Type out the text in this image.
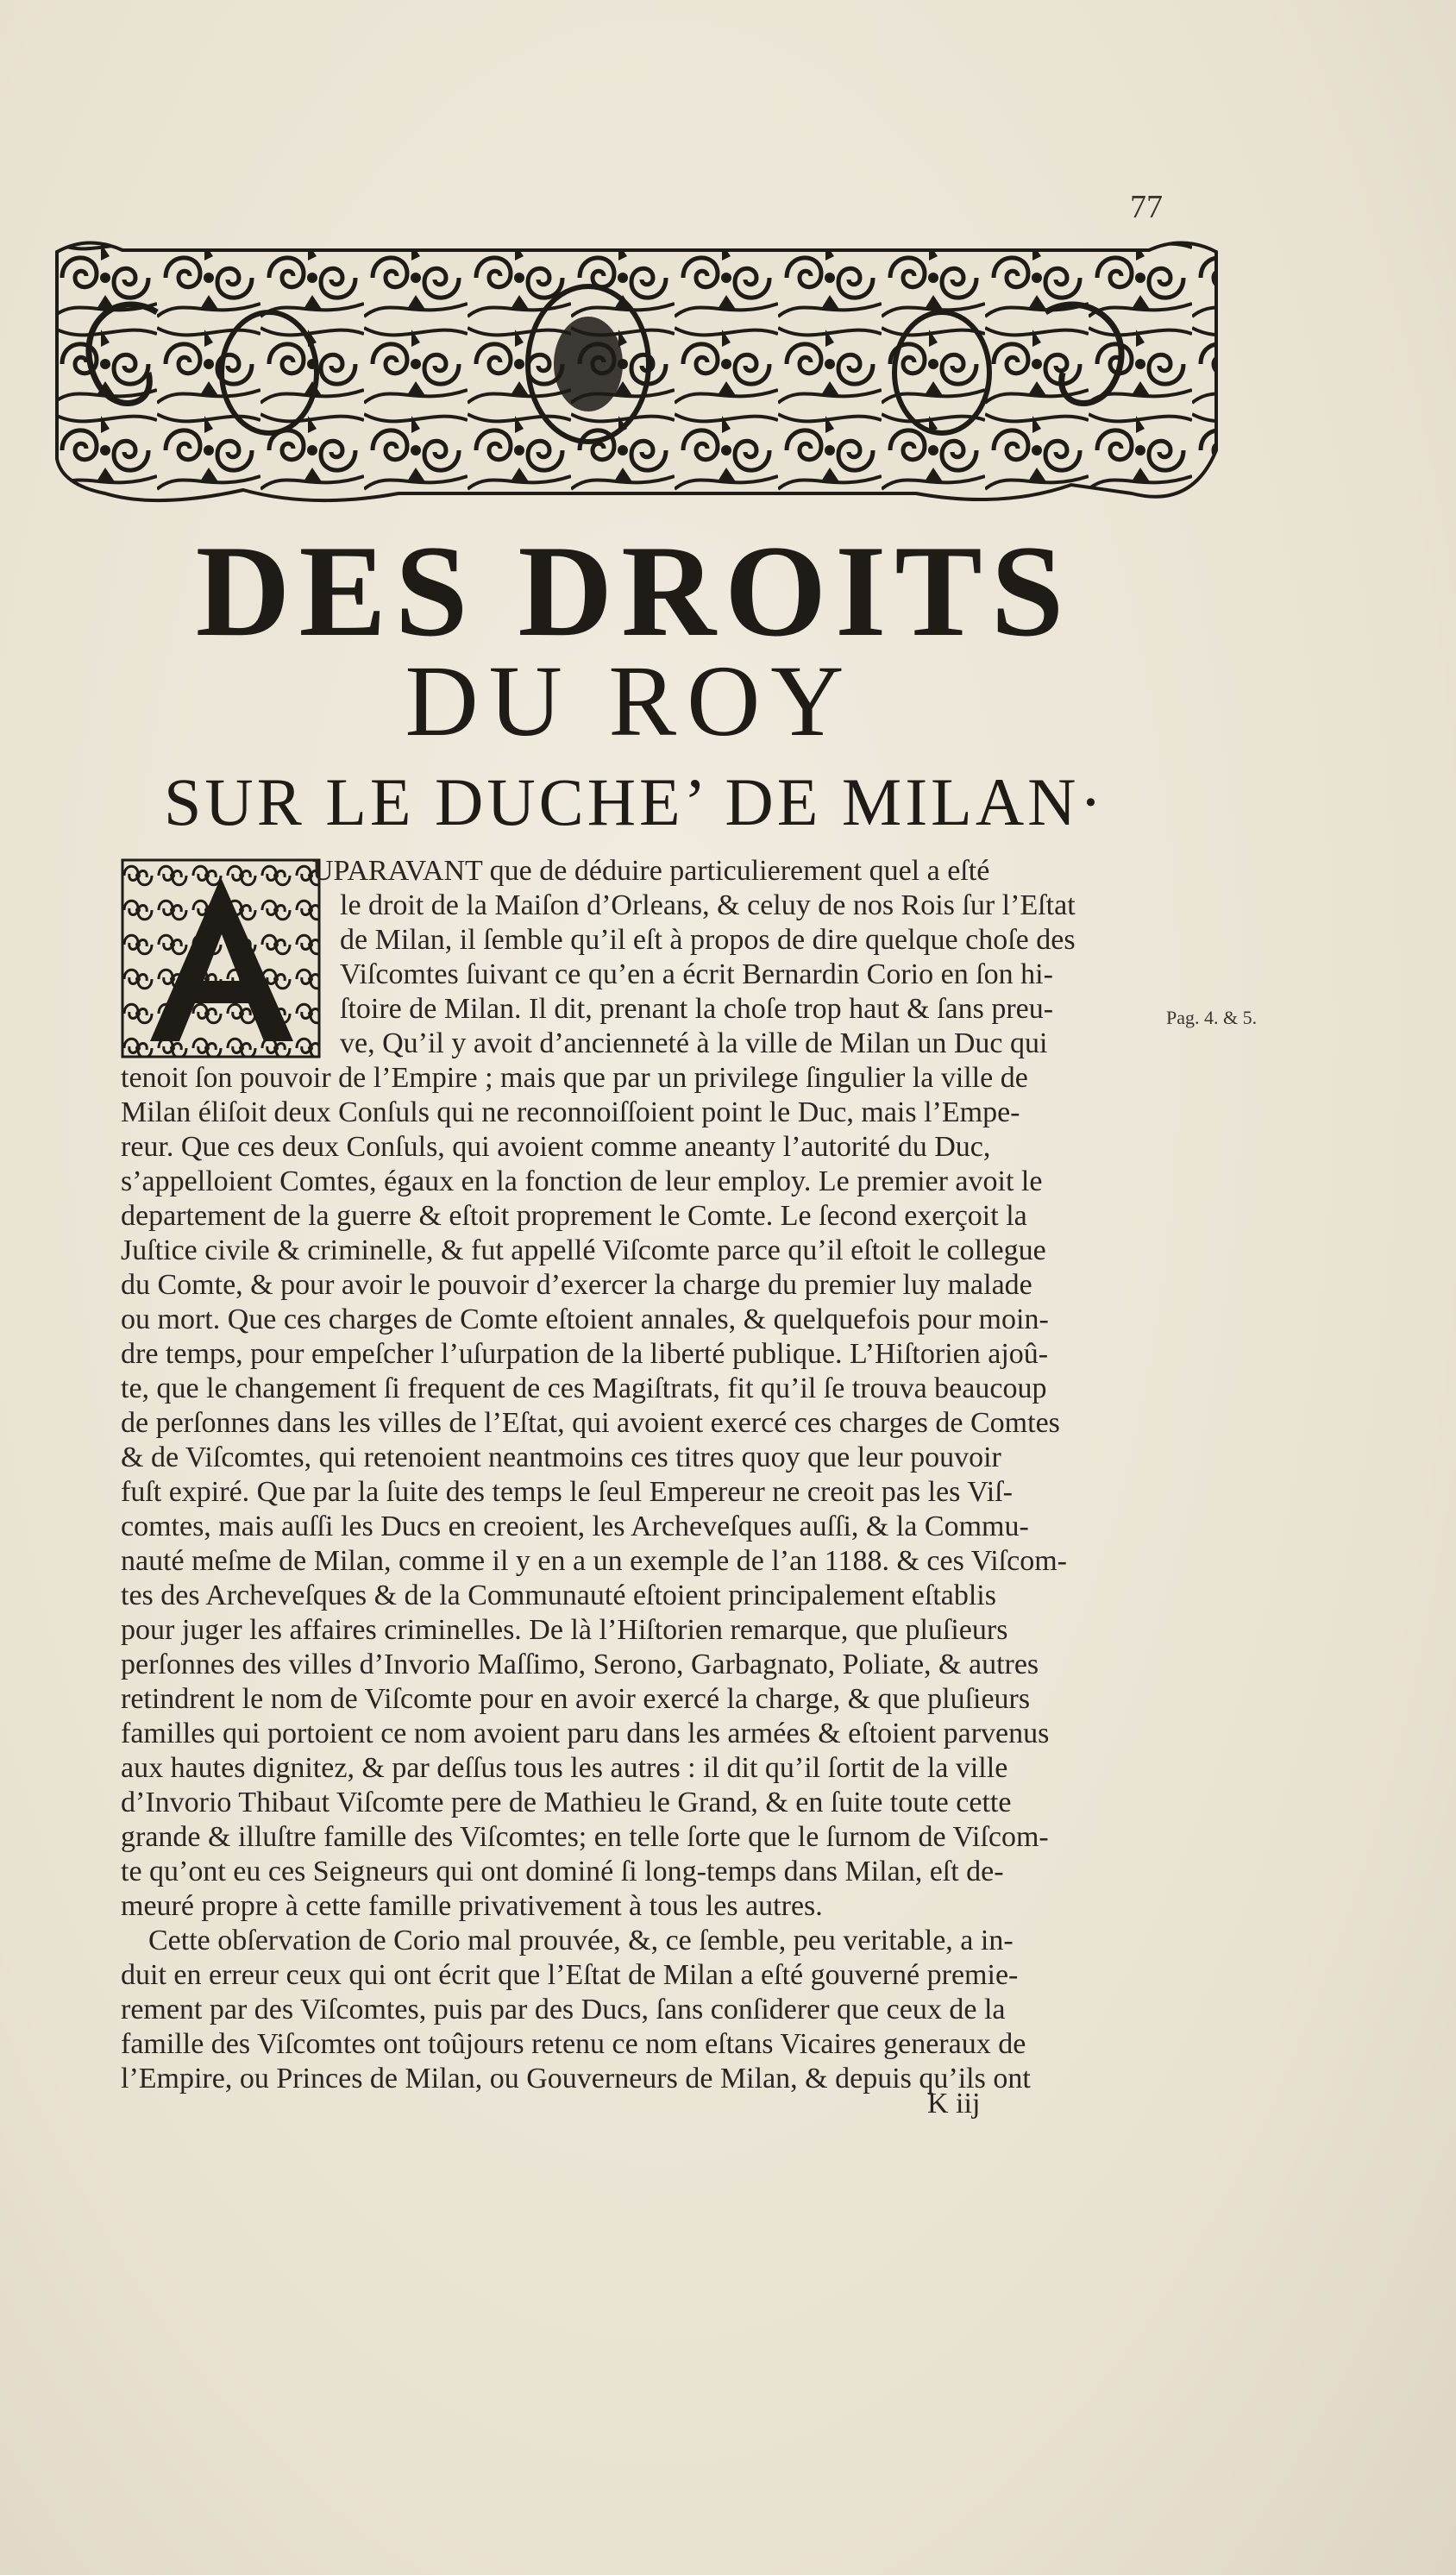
77
DES DROITS
DU ROY
SUR LE DUCHE’ DE MILAN·
Pag. 4. & 5.
UPARAVANT que de déduire particulierement quel a eſté
le droit de la Maiſon d’Orleans, & celuy de nos Rois ſur l’Eſtat
de Milan, il ſemble qu’il eſt à propos de dire quelque choſe des
Viſcomtes ſuivant ce qu’en a écrit Bernardin Corio en ſon hi-
ſtoire de Milan. Il dit, prenant la choſe trop haut & ſans preu-
ve, Qu’il y avoit d’ancienneté à la ville de Milan un Duc qui
tenoit ſon pouvoir de l’Empire ; mais que par un privilege ſingulier la ville de
Milan éliſoit deux Conſuls qui ne reconnoiſſoient point le Duc, mais l’Empe-
reur. Que ces deux Conſuls, qui avoient comme aneanty l’autorité du Duc,
s’appelloient Comtes, égaux en la fonction de leur employ. Le premier avoit le
departement de la guerre & eſtoit proprement le Comte. Le ſecond exerçoit la
Juſtice civile & criminelle, & fut appellé Viſcomte parce qu’il eſtoit le collegue
du Comte, & pour avoir le pouvoir d’exercer la charge du premier luy malade
ou mort. Que ces charges de Comte eſtoient annales, & quelquefois pour moin-
dre temps, pour empeſcher l’uſurpation de la liberté publique. L’Hiſtorien ajoû-
te, que le changement ſi frequent de ces Magiſtrats, fit qu’il ſe trouva beaucoup
de perſonnes dans les villes de l’Eſtat, qui avoient exercé ces charges de Comtes
& de Viſcomtes, qui retenoient neantmoins ces titres quoy que leur pouvoir
fuſt expiré. Que par la ſuite des temps le ſeul Empereur ne creoit pas les Viſ-
comtes, mais auſſi les Ducs en creoient, les Archeveſques auſſi, & la Commu-
nauté meſme de Milan, comme il y en a un exemple de l’an 1188. & ces Viſcom-
tes des Archeveſques & de la Communauté eſtoient principalement eſtablis
pour juger les affaires criminelles. De là l’Hiſtorien remarque, que pluſieurs
perſonnes des villes d’Invorio Maſſimo, Serono, Garbagnato, Poliate, & autres
retindrent le nom de Viſcomte pour en avoir exercé la charge, & que pluſieurs
familles qui portoient ce nom avoient paru dans les armées & eſtoient parvenus
aux hautes dignitez, & par deſſus tous les autres : il dit qu’il ſortit de la ville
d’Invorio Thibaut Viſcomte pere de Mathieu le Grand, & en ſuite toute cette
grande & illuſtre famille des Viſcomtes; en telle ſorte que le ſurnom de Viſcom-
te qu’ont eu ces Seigneurs qui ont dominé ſi long-temps dans Milan, eſt de-
meuré propre à cette famille privativement à tous les autres.
Cette obſervation de Corio mal prouvée, &, ce ſemble, peu veritable, a in-
duit en erreur ceux qui ont écrit que l’Eſtat de Milan a eſté gouverné premie-
rement par des Viſcomtes, puis par des Ducs, ſans conſiderer que ceux de la
famille des Viſcomtes ont toûjours retenu ce nom eſtans Vicaires generaux de
l’Empire, ou Princes de Milan, ou Gouverneurs de Milan, & depuis qu’ils ont
K iij
